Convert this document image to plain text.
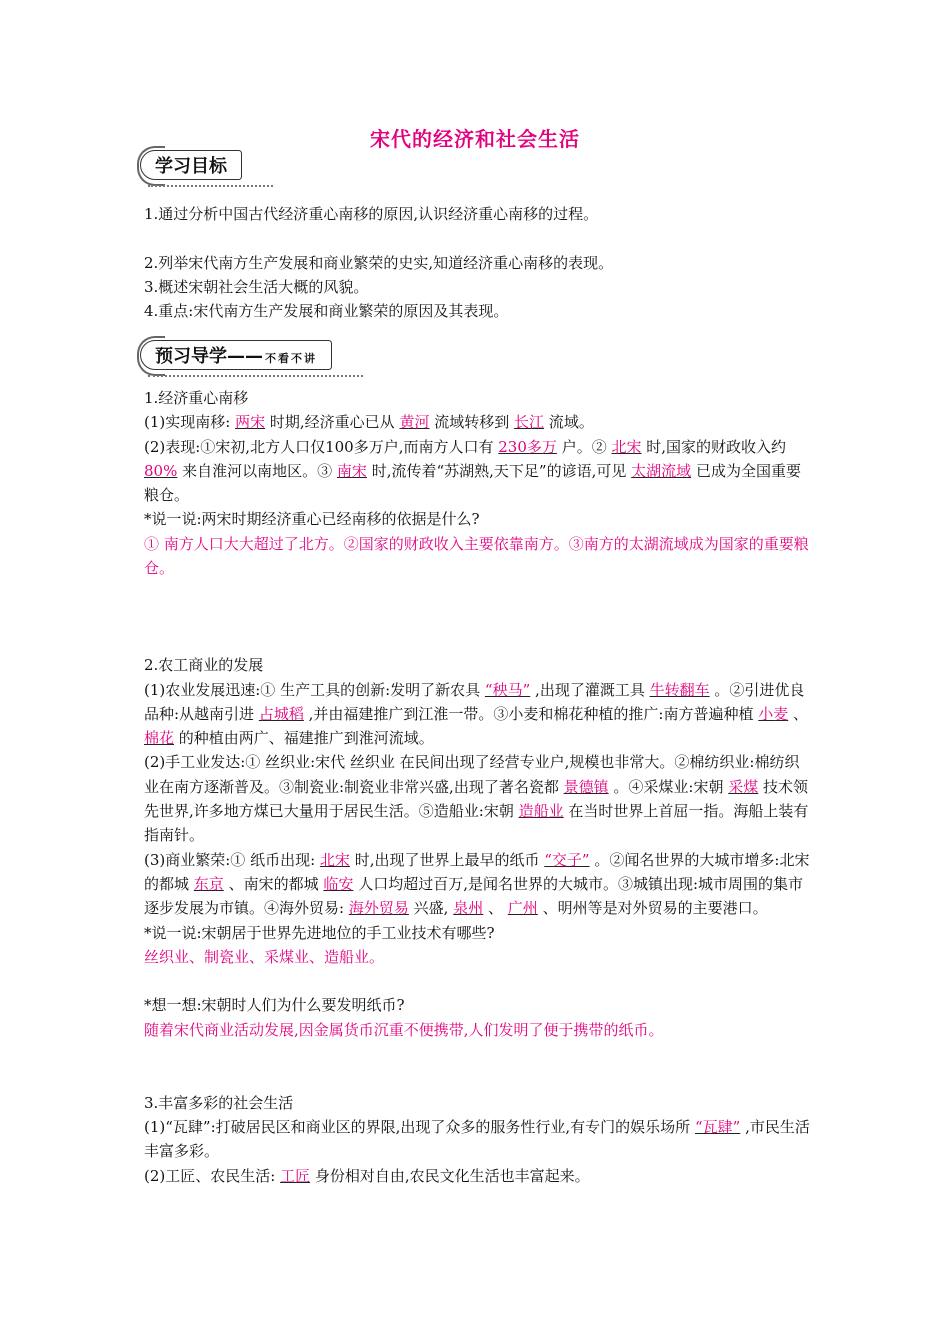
宋代的经济和社会生活
学习目标

1.通过分析中国古代经济重心南移的原因,认识经济重心南移的过程。

2.列举宋代南方生产发展和商业繁荣的史实,知道经济重心南移的表现。

3.概述宋朝社会生活大概的风貌。

4.重点:宋代南方生产发展和商业繁荣的原因及其表现。

预习导学—— 不看不讲

1.经济重心南移

(1)实现南移: 两宋 时期,经济重心已从 黄河 流域转移到 长江 流域。

(2)表现:①宋初,北方人口仅100多万户,而南方人口有 230多万 户。② 北宋 时,国家的财政收入约 80% 来自淮河以南地区。③ 南宋 时,流传着“苏湖熟,天下足”的谚语,可见 太湖流域 已成为全国重要粮仓。

*说一说:两宋时期经济重心已经南移的依据是什么?

① 南方人口大大超过了北方。②国家的财政收入主要依靠南方。③南方的太湖流域成为国家的重要粮仓。

2.农工商业的发展

(1)农业发展迅速:① 生产工具的创新:发明了新农具 “秧马” ,出现了灌溉工具 牛转翻车 。②引进优良品种:从越南引进 占城稻 ,并由福建推广到江淮一带。③小麦和棉花种植的推广:南方普遍种植 小麦 、 棉花 的种植由两广、福建推广到淮河流域。

(2)手工业发达:① 丝织业:宋代 丝织业 在民间出现了经营专业户,规模也非常大。②棉纺织业:棉纺织业在南方逐渐普及。③制瓷业:制瓷业非常兴盛,出现了著名瓷都 景德镇 。④采煤业:宋朝 采煤 技术领先世界,许多地方煤已大量用于居民生活。⑤造船业:宋朝 造船业 在当时世界上首屈一指。海船上装有指南针。

(3)商业繁荣:① 纸币出现: 北宋 时,出现了世界上最早的纸币 “交子” 。②闻名世界的大城市增多:北宋的都城 东京 、南宋的都城 临安 人口均超过百万,是闻名世界的大城市。③城镇出现:城市周围的集市逐步发展为市镇。④海外贸易: 海外贸易 兴盛, 泉州 、 广州 、明州等是对外贸易的主要港口。

*说一说:宋朝居于世界先进地位的手工业技术有哪些?

丝织业、制瓷业、采煤业、造船业。

*想一想:宋朝时人们为什么要发明纸币?

随着宋代商业活动发展,因金属货币沉重不便携带,人们发明了便于携带的纸币。

3.丰富多彩的社会生活

(1)“瓦肆”:打破居民区和商业区的界限,出现了众多的服务性行业,有专门的娱乐场所 “瓦肆” ,市民生活丰富多彩。

(2)工匠、农民生活: 工匠 身份相对自由,农民文化生活也丰富起来。
